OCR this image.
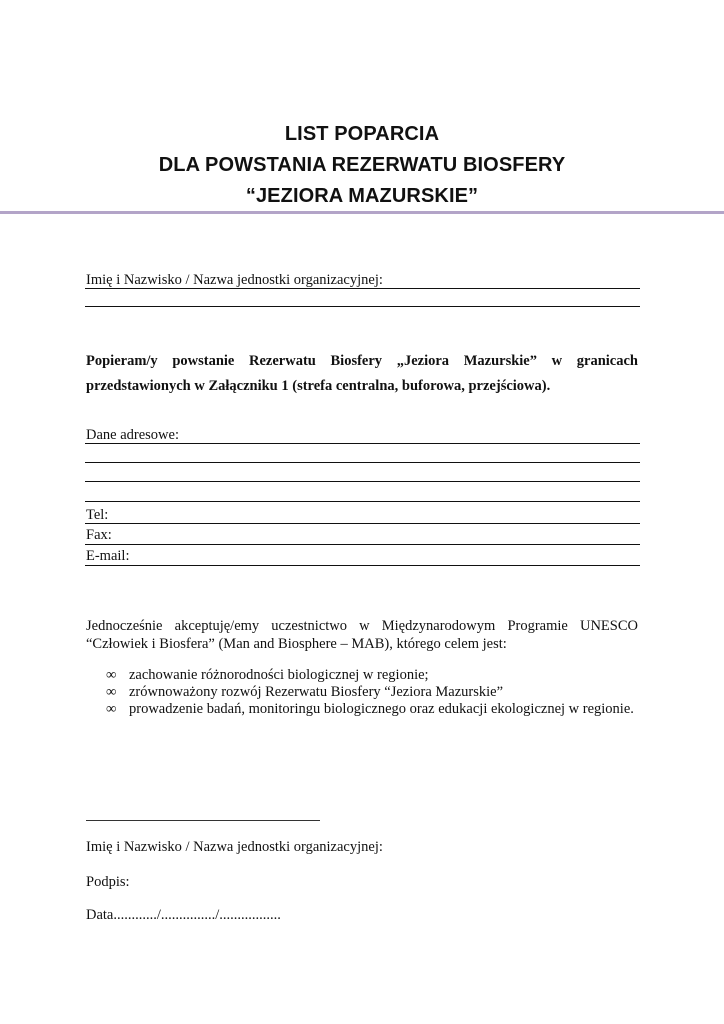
LIST POPARCIA
DLA POWSTANIA REZERWATU BIOSFERY
“JEZIORA MAZURSKIE”
Imię i Nazwisko / Nazwa jednostki organizacyjnej:
Popieram/y powstanie Rezerwatu Biosfery „Jeziora Mazurskie” w granicach
przedstawionych w Załączniku 1 (strefa centralna, buforowa, przejściowa).
Dane adresowe:
Tel:
Fax:
E-mail:
Jednocześnie akceptuję/emy uczestnictwo w Międzynarodowym Programie UNESCO
“Człowiek i Biosfera” (Man and Biosphere – MAB), którego celem jest:
∞ zachowanie różnorodności biologicznej w regionie;
∞ zrównoważony rozwój Rezerwatu Biosfery “Jeziora Mazurskie”
∞ prowadzenie badań, monitoringu biologicznego oraz edukacji ekologicznej w regionie.
Imię i Nazwisko / Nazwa jednostki organizacyjnej:
Podpis:
Data............/.............../.................
